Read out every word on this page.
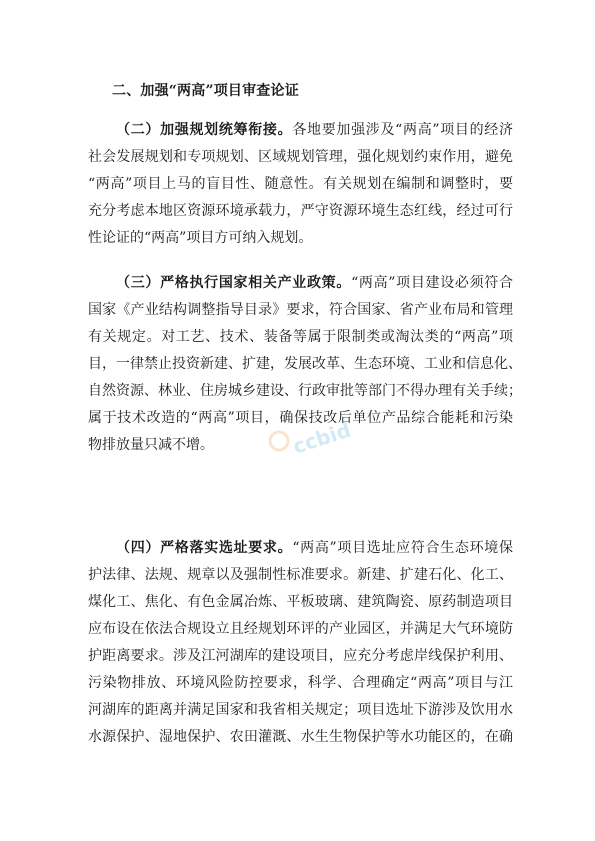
二、加强“两高”项目审查论证
（二）加强规划统筹衔接。各地要加强涉及“两高”项目的经济
社会发展规划和专项规划、区域规划管理，强化规划约束作用，避免
“两高”项目上马的盲目性、随意性。有关规划在编制和调整时，要
充分考虑本地区资源环境承载力，严守资源环境生态红线，经过可行
性论证的“两高”项目方可纳入规划。
（三）严格执行国家相关产业政策。“两高”项目建设必须符合
国家《产业结构调整指导目录》要求，符合国家、省产业布局和管理
有关规定。对工艺、技术、装备等属于限制类或淘汰类的“两高”项
目，一律禁止投资新建、扩建，发展改革、生态环境、工业和信息化、
自然资源、林业、住房城乡建设、行政审批等部门不得办理有关手续；
属于技术改造的“两高”项目，确保技改后单位产品综合能耗和污染
物排放量只减不增。
（四）严格落实选址要求。“两高”项目选址应符合生态环境保
护法律、法规、规章以及强制性标准要求。新建、扩建石化、化工、
煤化工、焦化、有色金属冶炼、平板玻璃、建筑陶瓷、原药制造项目
应布设在依法合规设立且经规划环评的产业园区，并满足大气环境防
护距离要求。涉及江河湖库的建设项目，应充分考虑岸线保护利用、
污染物排放、环境风险防控要求，科学、合理确定“两高”项目与江
河湖库的距离并满足国家和我省相关规定；项目选址下游涉及饮用水
水源保护、湿地保护、农田灌溉、水生生物保护等水功能区的，在确
ccbid
